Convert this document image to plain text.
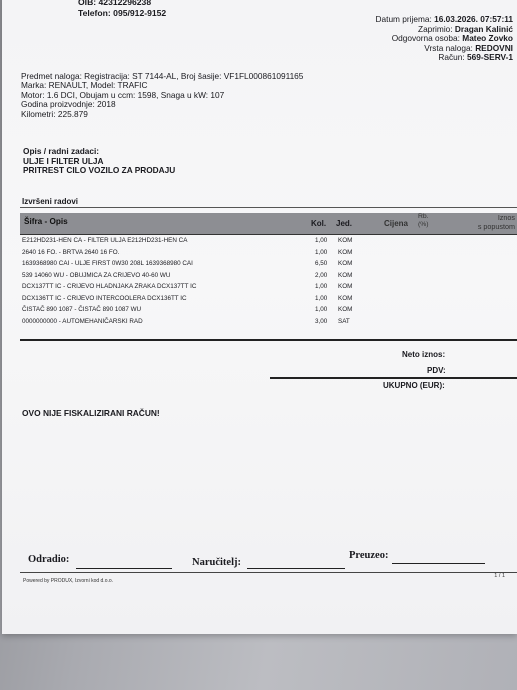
OIB: 42312296238
Telefon: 095/912-9152
Datum prijema: 16.03.2026. 07:57:11
Zaprimio: Dragan Kalinić
Odgovorna osoba: Mateo Zovko
Vrsta naloga: REDOVNI
Račun: 569-SERV-1
Predmet naloga: Registracija: ST 7144-AL, Broj šasije: VF1FL000861091165
Marka: RENAULT, Model: TRAFIC
Motor: 1.6 DCI, Obujam u ccm: 1598, Snaga u kW: 107
Godina proizvodnje: 2018
Kilometri: 225.879
Opis / radni zadaci:
ULJE I FILTER ULJA
PRITREST CILO VOZILO ZA PRODAJU
Izvršeni radovi
Šifra - Opis	Kol. Jed.	Cijena
Rb.
(%)
Iznos
s popustom
E212HD231-HEN CA - FILTER ULJA E212HD231-HEN CA	1,00 KOM
2640 16 FO. - BRTVA 2640 16 FO.	1,00 KOM
1639368980 CAI - ULJE FIRST 0W30 208L 1639368980 CAI	6,50 KOM
539 14060 WU - OBUJMICA ZA CRIJEVO 40-60 WU	2,00 KOM
DCX137TT IC - CRIJEVO HLADNJAKA ZRAKA DCX137TT IC	1,00 KOM
DCX136TT IC - CRIJEVO INTERCOOLERA DCX136TT IC	1,00 KOM
ČISTAČ 890 1087 - ČISTAČ 890 1087 WU	1,00 KOM
0000000000 - AUTOMEHANIČARSKI RAD	3,00 SAT
Neto iznos:
PDV:
UKUPNO (EUR):
OVO NIJE FISKALIZIRANI RAČUN!
Odradio:	Naručitelj:
Preuzeo:
Powered by PRODUX, Izvorni kod d.o.o.
1 / 1
